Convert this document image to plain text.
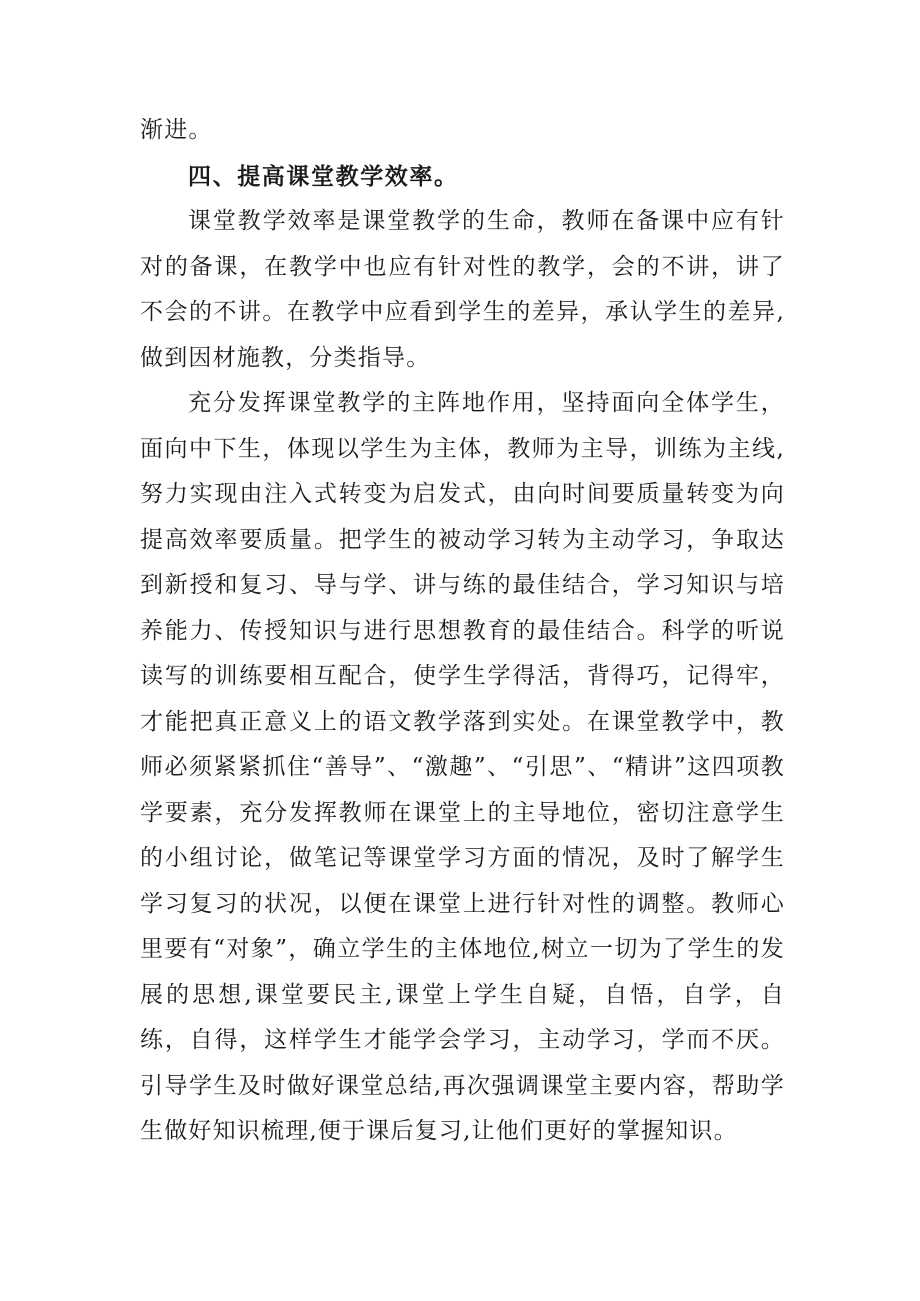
渐进。

四、提高课堂教学效率。

课堂教学效率是课堂教学的生命，教师在备课中应有针对的备课，在教学中也应有针对性的教学，会的不讲，讲了不会的不讲。在教学中应看到学生的差异，承认学生的差异,做到因材施教，分类指导。

充分发挥课堂教学的主阵地作用，坚持面向全体学生，面向中下生，体现以学生为主体，教师为主导，训练为主线,努力实现由注入式转变为启发式，由向时间要质量转变为向提高效率要质量。把学生的被动学习转为主动学习，争取达到新授和复习、导与学、讲与练的最佳结合，学习知识与培养能力、传授知识与进行思想教育的最佳结合。科学的听说读写的训练要相互配合，使学生学得活，背得巧，记得牢，才能把真正意义上的语文教学落到实处。在课堂教学中，教师必须紧紧抓住“善导”、“激趣”、“引思”、“精讲”这四项教学要素，充分发挥教师在课堂上的主导地位，密切注意学生的小组讨论，做笔记等课堂学习方面的情况，及时了解学生学习复习的状况，以便在课堂上进行针对性的调整。教师心里要有“对象”，确立学生的主体地位,树立一切为了学生的发展的思想,课堂要民主,课堂上学生自疑，自悟，自学，自练，自得，这样学生才能学会学习，主动学习，学而不厌。引导学生及时做好课堂总结,再次强调课堂主要内容，帮助学生做好知识梳理,便于课后复习,让他们更好的掌握知识。
